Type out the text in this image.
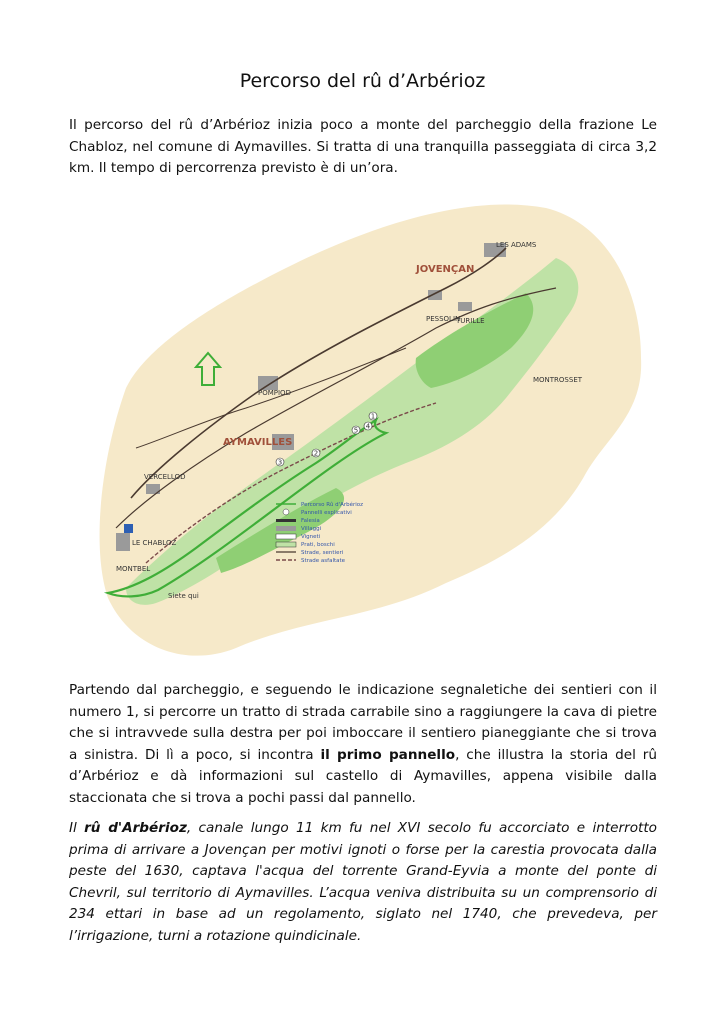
Percorso del rû d’Arbérioz

Il percorso del rû d’Arbérioz inizia poco a monte del parcheggio della frazione Le Chabloz, nel comune di Aymavilles. Si tratta di una tranquilla passeggiata di circa 3,2 km. Il tempo di percorrenza previsto è di un’ora.

1
2
3
4
5
JOVENÇAN
AYMAVILLES
LES ADAMS
PESSOLIN
TURILLE
POMPIOD
MONTROSSET
VERCELLOD
LE CHABLOZ
MONTBEL
Siete qui
Percorso Rû d'Arbérioz
Pannelli esplicativi
Falesia
Villaggi
Vigneti
Prati, boschi
Strade, sentieri
Strade asfaltate

Partendo dal parcheggio, e seguendo le indicazione segnaletiche dei sentieri con il numero 1, si percorre un tratto di strada carrabile sino a raggiungere la cava di pietre che si intravvede sulla destra per poi imboccare il sentiero pianeggiante che si trova a sinistra. Di lì a poco, si incontra il primo pannello, che illustra la storia del rû d’Arbérioz e dà informazioni sul castello di Aymavilles, appena visibile dalla staccionata che si trova a pochi passi dal pannello.

Il rû d'Arbérioz, canale lungo 11 km fu nel XVI secolo fu accorciato e interrotto prima di arrivare a Jovençan per motivi ignoti o forse per la carestia provocata dalla peste del 1630, captava l'acqua del torrente Grand-Eyvia a monte del ponte di Chevril, sul territorio di Aymavilles. L’acqua veniva distribuita su un comprensorio di 234 ettari in base ad un regolamento, siglato nel 1740, che prevedeva, per l’irrigazione, turni a rotazione quindicinale.
